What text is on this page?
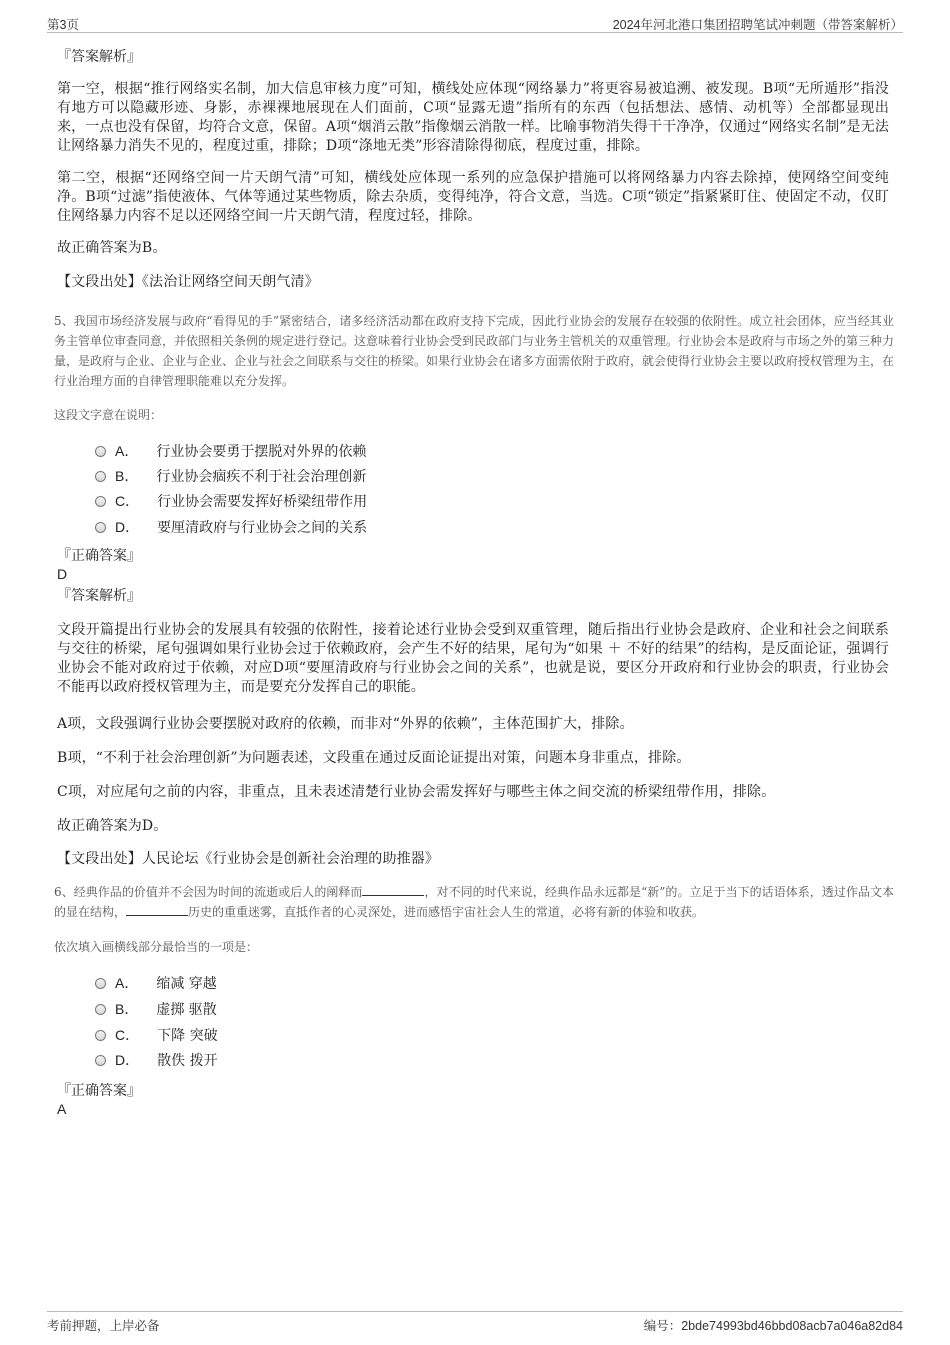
第3页	2024年河北港口集团招聘笔试冲刺题（带答案解析）
『答案解析』

第一空，根据“推行网络实名制，加大信息审核力度”可知，横线处应体现“网络暴力”将更容易被追溯、被发现。B项“无所遁形”指没有地方可以隐藏形迹、身影，赤裸裸地展现在人们面前，C项“显露无遗”指所有的东西（包括想法、感情、动机等）全部都显现出来，一点也没有保留，均符合文意，保留。A项“烟消云散”指像烟云消散一样。比喻事物消失得干干净净，仅通过“网络实名制”是无法让网络暴力消失不见的，程度过重，排除；D项“涤地无类”形容清除得彻底，程度过重，排除。

第二空，根据“还网络空间一片天朗气清”可知，横线处应体现一系列的应急保护措施可以将网络暴力内容去除掉，使网络空间变纯净。B项“过滤”指使液体、气体等通过某些物质，除去杂质，变得纯净，符合文意，当选。C项“锁定”指紧紧盯住、使固定不动，仅盯住网络暴力内容不足以还网络空间一片天朗气清，程度过轻，排除。

故正确答案为B。

【文段出处】《法治让网络空间天朗气清》

5、我国市场经济发展与政府“看得见的手”紧密结合，诸多经济活动都在政府支持下完成，因此行业协会的发展存在较强的依附性。成立社会团体，应当经其业务主管单位审查同意，并依照相关条例的规定进行登记。这意味着行业协会受到民政部门与业务主管机关的双重管理。行业协会本是政府与市场之外的第三种力量，是政府与企业、企业与企业、企业与社会之间联系与交往的桥梁。如果行业协会在诸多方面需依附于政府，就会使得行业协会主要以政府授权管理为主，在行业治理方面的自律管理职能难以充分发挥。

这段文字意在说明：
A． 行业协会要勇于摆脱对外界的依赖
B． 行业协会痼疾不利于社会治理创新
C． 行业协会需要发挥好桥梁纽带作用
D． 要厘清政府与行业协会之间的关系
『正确答案』
D
『答案解析』

文段开篇提出行业协会的发展具有较强的依附性，接着论述行业协会受到双重管理，随后指出行业协会是政府、企业和社会之间联系与交往的桥梁，尾句强调如果行业协会过于依赖政府，会产生不好的结果，尾句为“如果 ＋ 不好的结果”的结构，是反面论证，强调行业协会不能对政府过于依赖，对应D项“要厘清政府与行业协会之间的关系”，也就是说，要区分开政府和行业协会的职责，行业协会不能再以政府授权管理为主，而是要充分发挥自己的职能。

A项，文段强调行业协会要摆脱对政府的依赖，而非对“外界的依赖”，主体范围扩大，排除。

B项，“不利于社会治理创新”为问题表述，文段重在通过反面论证提出对策，问题本身非重点，排除。

C项，对应尾句之前的内容，非重点，且未表述清楚行业协会需发挥好与哪些主体之间交流的桥梁纽带作用，排除。

故正确答案为D。

【文段出处】人民论坛《行业协会是创新社会治理的助推器》

6、经典作品的价值并不会因为时间的流逝或后人的阐释而	，对不同的时代来说，经典作品永远都是“新”的。立足于当下的话语体系，透过作品文本的显在结构，	历史的重重迷雾，直抵作者的心灵深处，进而感悟宇宙社会人生的常道，必将有新的体验和收获。

依次填入画横线部分最恰当的一项是：
A． 缩减 穿越
B． 虚掷 驱散
C． 下降 突破
D． 散佚 拨开
『正确答案』
A
考前押题，上岸必备	编号：2bde74993bd46bbd08acb7a046a82d84
